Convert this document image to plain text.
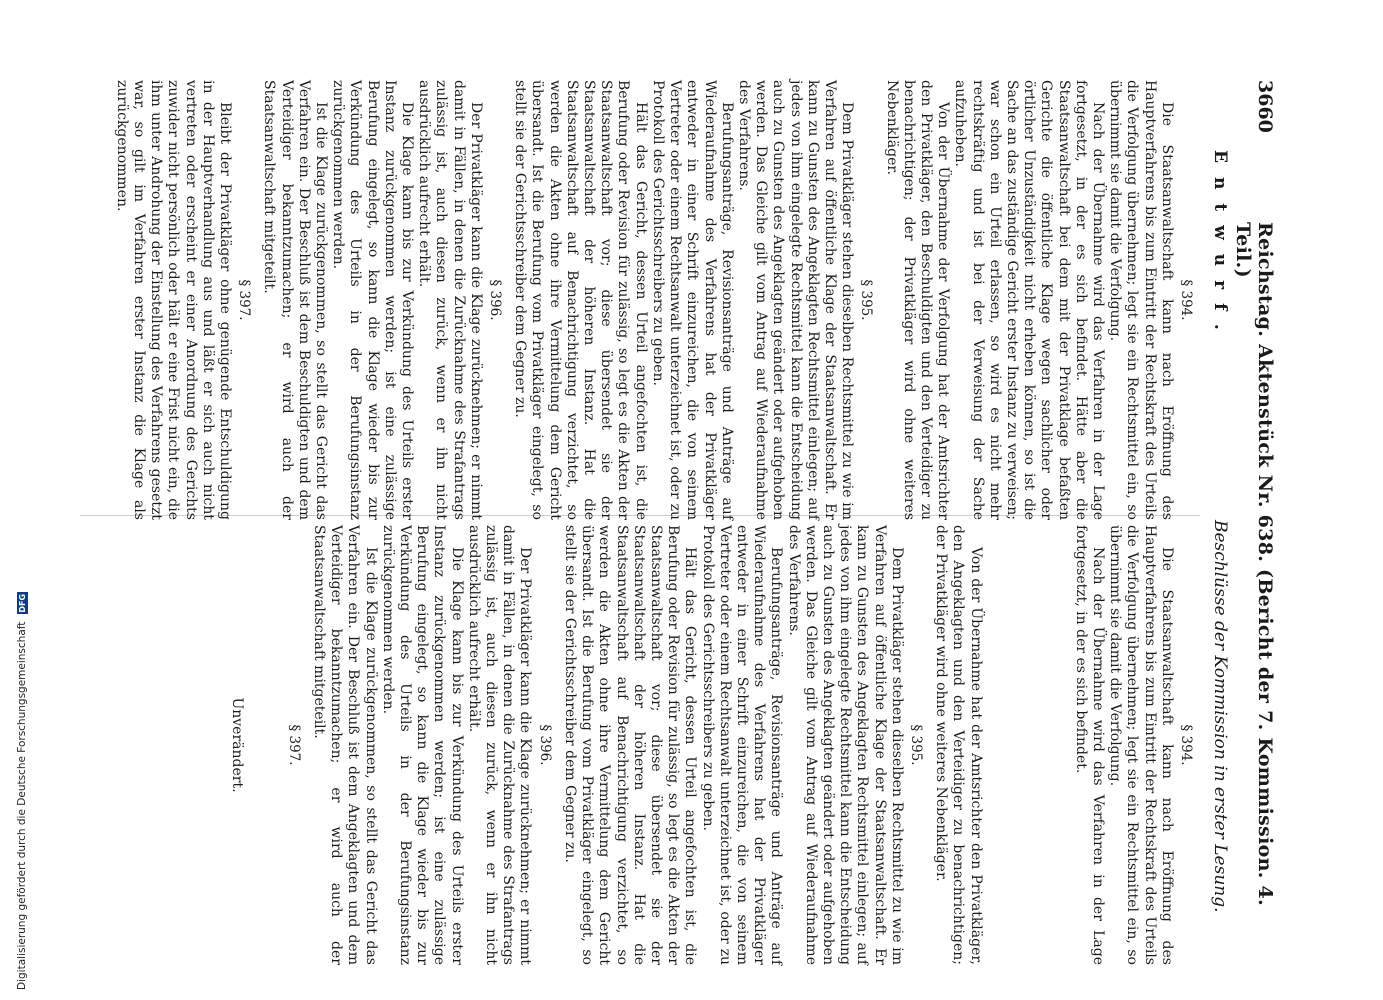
3660
Reichstag. Aktenstück Nr. 638. (Bericht der 7. Kommission. 4. Teil.)
Entwurf.
Beschlüsse der Kommission in erster Lesung.
§ 394.

Die Staatsanwaltschaft kann nach Eröffnung des Hauptverfahrens bis zum Eintritt der Rechtskraft des Urteils die Verfolgung übernehmen; legt sie ein Rechtsmittel ein, so übernimmt sie damit die Verfolgung.

Nach der Übernahme wird das Verfahren in der Lage fortgesetzt, in der es sich befindet. Hätte aber die Staatsanwaltschaft bei dem mit der Privatklage befaßten Gerichte die öffentliche Klage wegen sachlicher oder örtlicher Unzuständigkeit nicht erheben können, so ist die Sache an das zuständige Gericht erster Instanz zu verweisen; war schon ein Urteil erlassen, so wird es nicht mehr rechtskräftig und ist bei der Verweisung der Sache aufzuheben.

Von der Übernahme der Verfolgung hat der Amtsrichter den Privatkläger, den Beschuldigten und den Verteidiger zu benachrichtigen; der Privatkläger wird ohne weiteres Nebenkläger.

§ 395.

Dem Privatkläger stehen dieselben Rechtsmittel zu wie im Verfahren auf öffentliche Klage der Staatsanwaltschaft. Er kann zu Gunsten des Angeklagten Rechtsmittel einlegen; auf jedes von ihm eingelegte Rechtsmittel kann die Entscheidung auch zu Gunsten des Angeklagten geändert oder aufgehoben werden. Das Gleiche gilt vom Antrag auf Wiederaufnahme des Verfahrens.

Berufungsanträge, Revisionsanträge und Anträge auf Wiederaufnahme des Verfahrens hat der Privatkläger entweder in einer Schrift einzureichen, die von seinem Vertreter oder einem Rechtsanwalt unterzeichnet ist, oder zu Protokoll des Gerichtsschreibers zu geben.

Hält das Gericht, dessen Urteil angefochten ist, die Berufung oder Revision für zulässig, so legt es die Akten der Staatsanwaltschaft vor; diese übersendet sie der Staatsanwaltschaft der höheren Instanz. Hat die Staatsanwaltschaft auf Benachrichtigung verzichtet, so werden die Akten ohne ihre Vermittelung dem Gericht übersandt. Ist die Berufung vom Privatkläger eingelegt, so stellt sie der Gerichtsschreiber dem Gegner zu.

§ 396.

Der Privatkläger kann die Klage zurücknehmen; er nimmt damit in Fällen, in denen die Zurücknahme des Strafantrags zulässig ist, auch diesen zurück, wenn er ihn nicht ausdrücklich aufrecht erhält.

Die Klage kann bis zur Verkündung des Urteils erster Instanz zurückgenommen werden; ist eine zulässige Berufung eingelegt, so kann die Klage wieder bis zur Verkündung des Urteils in der Berufungsinstanz zurückgenommen werden.

Ist die Klage zurückgenommen, so stellt das Gericht das Verfahren ein. Der Beschluß ist dem Beschuldigten und dem Verteidiger bekanntzumachen; er wird auch der Staatsanwaltschaft mitgeteilt.

§ 397.

Bleibt der Privatkläger ohne genügende Entschuldigung in der Hauptverhandlung aus und läßt er sich auch nicht vertreten oder erscheint er einer Anordnung des Gerichts zuwider nicht persönlich oder hält er eine Frist nicht ein, die ihm unter Androhung der Einstellung des Verfahrens gesetzt war, so gilt im Verfahren erster Instanz die Klage als zurückgenommen.

§ 394.

Die Staatsanwaltschaft kann nach Eröffnung des Hauptverfahrens bis zum Eintritt der Rechtskraft des Urteils die Verfolgung übernehmen; legt sie ein Rechtsmittel ein, so übernimmt sie damit die Verfolgung.

Nach der Übernahme wird das Verfahren in der Lage fortgesetzt, in der es sich befindet.

Von der Übernahme hat der Amtsrichter den Privatkläger, den Angeklagten und den Verteidiger zu benachrichtigen; der Privatkläger wird ohne weiteres Nebenkläger.

§ 395.

Dem Privatkläger stehen dieselben Rechtsmittel zu wie im Verfahren auf öffentliche Klage der Staatsanwaltschaft. Er kann zu Gunsten des Angeklagten Rechtsmittel einlegen; auf jedes von ihm eingelegte Rechtsmittel kann die Entscheidung auch zu Gunsten des Angeklagten geändert oder aufgehoben werden. Das Gleiche gilt vom Antrag auf Wiederaufnahme des Verfahrens.

Berufungsanträge, Revisionsanträge und Anträge auf Wiederaufnahme des Verfahrens hat der Privatkläger entweder in einer Schrift einzureichen, die von seinem Vertreter oder einem Rechtsanwalt unterzeichnet ist, oder zu Protokoll des Gerichtsschreibers zu geben.

Hält das Gericht, dessen Urteil angefochten ist, die Berufung oder Revision für zulässig, so legt es die Akten der Staatsanwaltschaft vor; diese übersendet sie der Staatsanwaltschaft der höheren Instanz. Hat die Staatsanwaltschaft auf Benachrichtigung verzichtet, so werden die Akten ohne ihre Vermittelung dem Gericht übersandt. Ist die Berufung vom Privatkläger eingelegt, so stellt sie der Gerichtsschreiber dem Gegner zu.

§ 396.

Der Privatkläger kann die Klage zurücknehmen; er nimmt damit in Fällen, in denen die Zurücknahme des Strafantrags zulässig ist, auch diesen zurück, wenn er ihn nicht ausdrücklich aufrecht erhält.

Die Klage kann bis zur Verkündung des Urteils erster Instanz zurückgenommen werden; ist eine zulässige Berufung eingelegt, so kann die Klage wieder bis zur Verkündung des Urteils in der Berufungsinstanz zurückgenommen werden.

Ist die Klage zurückgenommen, so stellt das Gericht das Verfahren ein. Der Beschluß ist dem Angeklagten und dem Verteidiger bekanntzumachen; er wird auch der Staatsanwaltschaft mitgeteilt.

§ 397.
Unverändert.
Digitalisierung gefördert durch die Deutsche Forschungsgemeinschaft DFG
